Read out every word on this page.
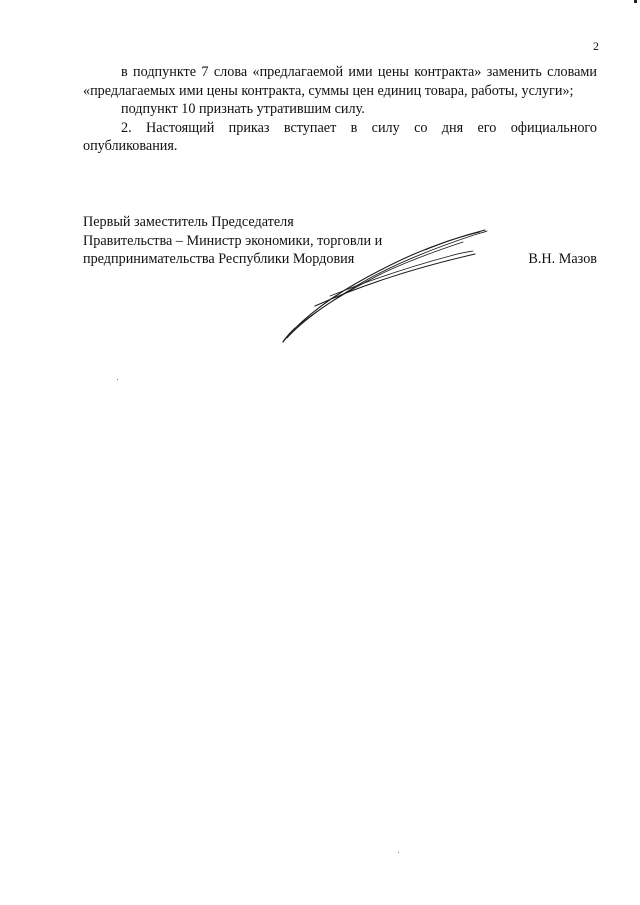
2

в подпункте 7 слова «предлагаемой ими цены контракта» заменить словами «предлагаемых ими цены контракта, суммы цен единиц товара, работы, услуги»;

подпункт 10 признать утратившим силу.

2. Настоящий приказ вступает в силу со дня его официального опубликования.

Первый заместитель Председателя
Правительства – Министр экономики, торговли и
предпринимательства Республики Мордовия	В.Н. Мазов
